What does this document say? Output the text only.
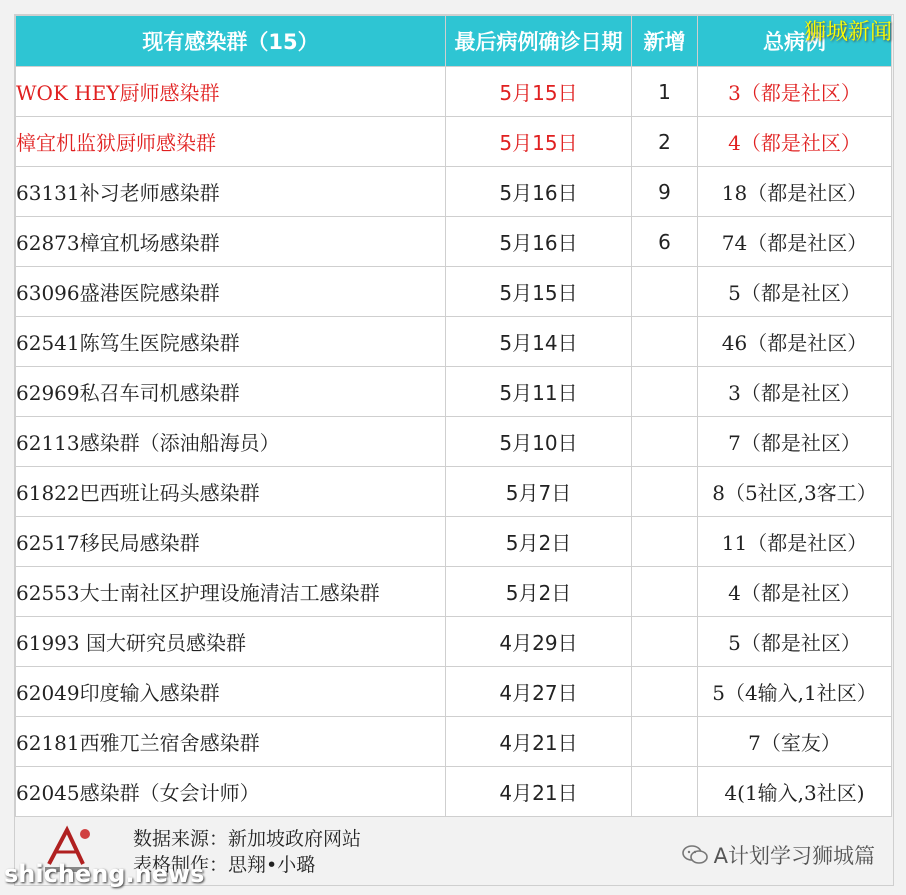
现有感染群（15）	最后病例确诊日期	新增	总病例
WOK HEY厨师感染群	5月15日	1	3（都是社区）
樟宜机监狱厨师感染群	5月15日	2	4（都是社区）
63131补习老师感染群	5月16日	9	18（都是社区）
62873樟宜机场感染群	5月16日	6	74（都是社区）
63096盛港医院感染群	5月15日		5（都是社区）
62541陈笃生医院感染群	5月14日		46（都是社区）
62969私召车司机感染群	5月11日		3（都是社区）
62113感染群（添油船海员）	5月10日		7（都是社区）
61822巴西班让码头感染群	5月7日		8（5社区,3客工）
62517移民局感染群	5月2日		11（都是社区）
62553大士南社区护理设施清洁工感染群	5月2日		4（都是社区）
61993 国大研究员感染群	4月29日		5（都是社区）
62049印度输入感染群	4月27日		5（4输入,1社区）
62181西雅兀兰宿舍感染群	4月21日		7（室友）
62045感染群（女会计师）	4月21日		4(1输入,3社区)
狮城新闻
数据来源：新加坡政府网站
表格制作：思翔•小璐	A计划学习狮城篇
shicheng.news
